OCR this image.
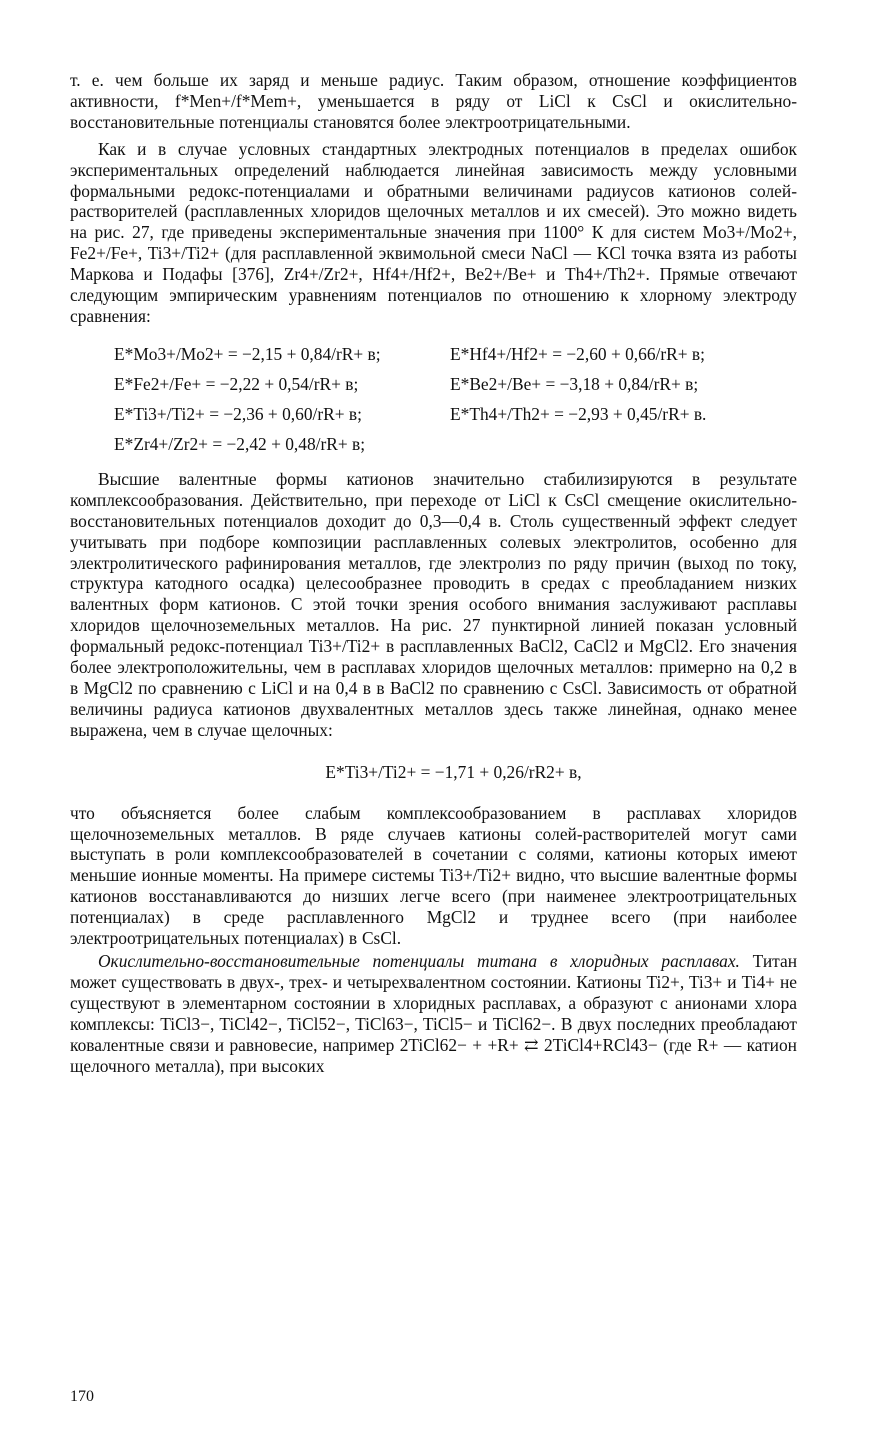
т. е. чем больше их заряд и меньше радиус. Таким образом, отношение коэффициентов активности, f*Men+/f*Mem+, уменьшается в ряду от LiCl к CsCl и окислительно-восстановительные потенциалы становятся более электроотрицательными.

Как и в случае условных стандартных электродных потенциалов в пределах ошибок экспериментальных определений наблюдается линейная зависимость между условными формальными редокс-потенциалами и обратными величинами радиусов катионов солей-растворителей (расплавленных хлоридов щелочных металлов и их смесей). Это можно видеть на рис. 27, где приведены экспериментальные значения при 1100° К для систем Mo3+/Mo2+, Fe2+/Fe+, Ti3+/Ti2+ (для расплавленной эквимольной смеси NaCl — KCl точка взята из работы Маркова и Подафы [376], Zr4+/Zr2+, Hf4+/Hf2+, Be2+/Be+ и Th4+/Th2+. Прямые отвечают следующим эмпирическим уравнениям потенциалов по отношению к хлорному электроду сравнения:

E*Mo3+/Mo2+ = −2,15 + 0,84/rR+ в;	E*Hf4+/Hf2+ = −2,60 + 0,66/rR+ в;
E*Fe2+/Fe+ = −2,22 + 0,54/rR+ в;	E*Be2+/Be+ = −3,18 + 0,84/rR+ в;
E*Ti3+/Ti2+ = −2,36 + 0,60/rR+ в;	E*Th4+/Th2+ = −2,93 + 0,45/rR+ в.
E*Zr4+/Zr2+ = −2,42 + 0,48/rR+ в;

Высшие валентные формы катионов значительно стабилизируются в результате комплексообразования. Действительно, при переходе от LiCl к CsCl смещение окислительно-восстановительных потенциалов доходит до 0,3—0,4 в. Столь существенный эффект следует учитывать при подборе композиции расплавленных солевых электролитов, особенно для электролитического рафинирования металлов, где электролиз по ряду причин (выход по току, структура катодного осадка) целесообразнее проводить в средах с преобладанием низких валентных форм катионов. С этой точки зрения особого внимания заслуживают расплавы хлоридов щелочноземельных металлов. На рис. 27 пунктирной линией показан условный формальный редокс-потенциал Ti3+/Ti2+ в расплавленных BaCl2, CaCl2 и MgCl2. Его значения более электроположительны, чем в расплавах хлоридов щелочных металлов: примерно на 0,2 в в MgCl2 по сравнению с LiCl и на 0,4 в в BaCl2 по сравнению с CsCl. Зависимость от обратной величины радиуса катионов двухвалентных металлов здесь также линейная, однако менее выражена, чем в случае щелочных:

E*Ti3+/Ti2+ = −1,71 + 0,26/rR2+ в,

что объясняется более слабым комплексообразованием в расплавах хлоридов щелочноземельных металлов. В ряде случаев катионы солей-растворителей могут сами выступать в роли комплексообразователей в сочетании с солями, катионы которых имеют меньшие ионные моменты. На примере системы Ti3+/Ti2+ видно, что высшие валентные формы катионов восстанавливаются до низших легче всего (при наименее электроотрицательных потенциалах) в среде расплавленного MgCl2 и труднее всего (при наиболее электроотрицательных потенциалах) в CsCl.

Окислительно-восстановительные потенциалы титана в хлоридных расплавах. Титан может существовать в двух-, трех- и четырехвалентном состоянии. Катионы Ti2+, Ti3+ и Ti4+ не существуют в элементарном состоянии в хлоридных расплавах, а образуют с анионами хлора комплексы: TiCl3−, TiCl42−, TiCl52−, TiCl63−, TiCl5− и TiCl62−. В двух последних преобладают ковалентные связи и равновесие, например 2TiCl62− + +R+ ⇄ 2TiCl4+RCl43− (где R+ — катион щелочного металла), при высоких

170
